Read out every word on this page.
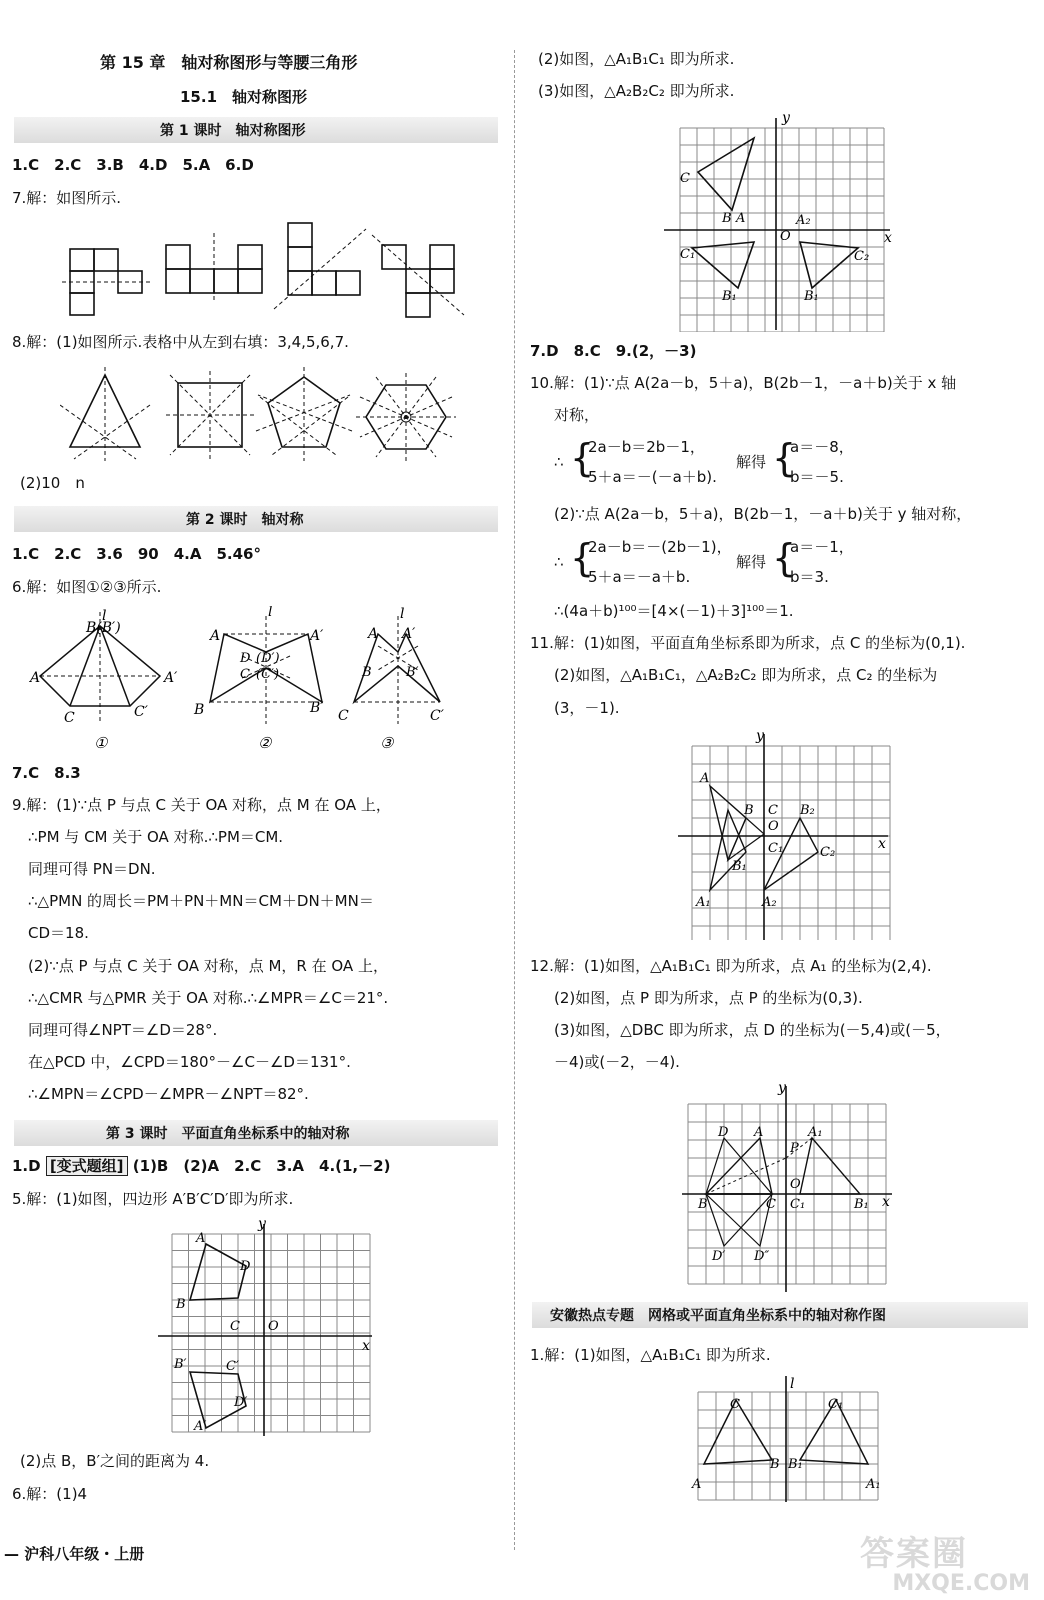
第 15 章　轴对称图形与等腰三角形
15.1　轴对称图形
第 1 课时　轴对称图形
1.C　2.C　3.B　4.D　5.A　6.D
7.解：如图所示.
8.解：(1)如图所示.表格中从左到右填：3,4,5,6,7.
(2)10　n
第 2 课时　轴对称
1.C　2.C　3.6　90　4.A　5.46°
6.解：如图①②③所示.
B(B′)
l
A	A′
C	C′
A	A′
l
D (D′)
C (C′)
B	B′
A A′
l
B	B′
C	C′
①	②	③
7.C　8.3
9.解：(1)∵点 P 与点 C 关于 OA 对称，点 M 在 OA 上，
∴PM 与 CM 关于 OA 对称.∴PM＝CM.
同理可得 PN＝DN.
∴△PMN 的周长＝PM＋PN＋MN＝CM＋DN＋MN＝
CD＝18.
(2)∵点 P 与点 C 关于 OA 对称，点 M，R 在 OA 上，
∴△CMR 与△PMR 关于 OA 对称.∴∠MPR＝∠C＝21°.
同理可得∠NPT＝∠D＝28°.
在△PCD 中，∠CPD＝180°－∠C－∠D＝131°.
∴∠MPN＝∠CPD－∠MPR－∠NPT＝82°.
第 3 课时　平面直角坐标系中的轴对称
1.D [变式题组] (1)B　(2)A　2.C　3.A　4.(1,－2)
5.解：(1)如图，四边形 A′B′C′D′即为所求.
y
x
O
A
B
C
D
B′	C′
D′
A′
(2)点 B，B′之间的距离为 4.
6.解：(1)4
— 沪科八年级・上册
(2)如图，△A₁B₁C₁ 即为所求.
(3)如图，△A₂B₂C₂ 即为所求.
y
x
O
C
B A
C₁
B₁
A₂
C₂
B₁
7.D　8.C　9.(2，－3)
10.解：(1)∵点 A(2a－b，5＋a)，B(2b－1，－a＋b)关于 x 轴
对称，
∴ {
2a－b＝2b－1，
5＋a＝－(－a＋b).
解得 {
a＝－8，
b＝－5.
(2)∵点 A(2a－b，5＋a)，B(2b－1，－a＋b)关于 y 轴对称，
∴ {
2a－b＝－(2b－1)，
5＋a＝－a＋b.
解得 {
a＝－1，
b＝3.
∴(4a＋b)¹⁰⁰＝[4×(－1)＋3]¹⁰⁰＝1.
11.解：(1)如图，平面直角坐标系即为所求，点 C 的坐标为(0,1).
(2)如图，△A₁B₁C₁，△A₂B₂C₂ 即为所求，点 C₂ 的坐标为
(3，－1).
y
x
O
A
B C B₂
C₁	C₂
B₁
A₁	A₂
12.解：(1)如图，△A₁B₁C₁ 即为所求，点 A₁ 的坐标为(2,4).
(2)如图，点 P 即为所求，点 P 的坐标为(0,3).
(3)如图，△DBC 即为所求，点 D 的坐标为(－5,4)或(－5，
－4)或(－2，－4).
y
x
O
D A
P
A₁
B	C C₁	B₁
D′ D″
安徽热点专题　网格或平面直角坐标系中的轴对称作图
1.解：(1)如图，△A₁B₁C₁ 即为所求.
l
C	C₁
B B₁
A	A₁
答案圈
MXQE.COM
